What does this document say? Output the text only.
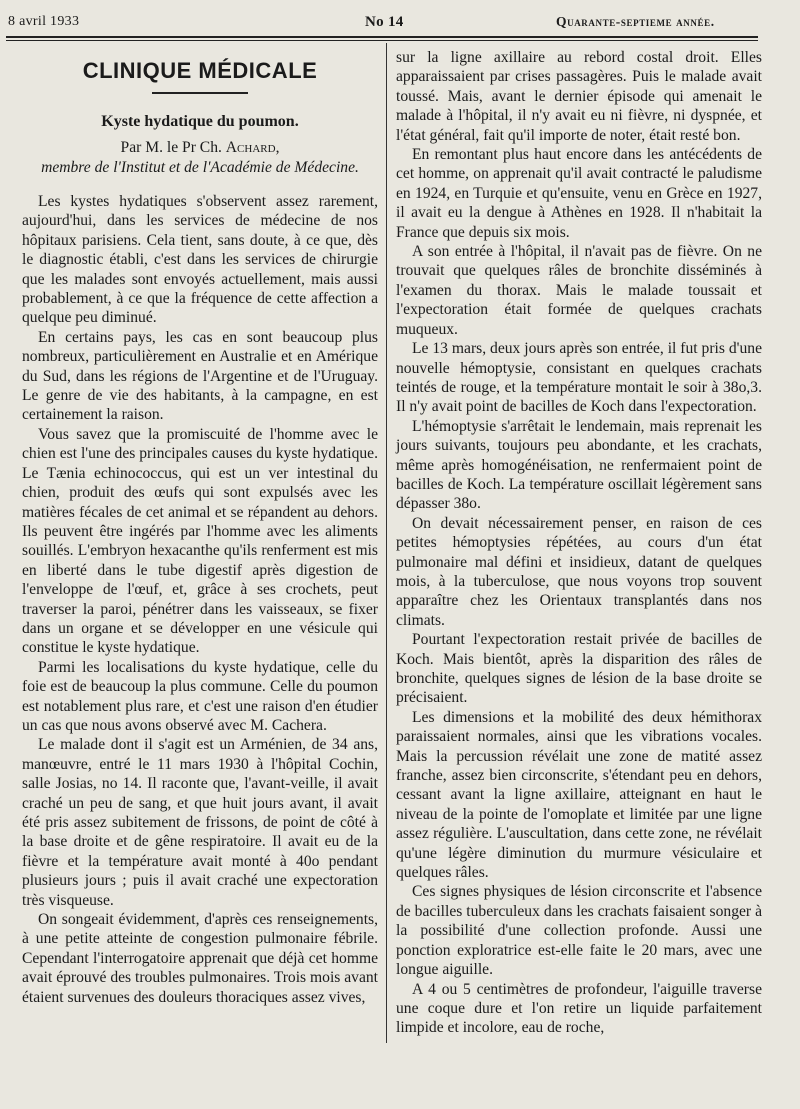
8 avril 1933	No 14	Quarante-septieme année.
CLINIQUE MÉDICALE
Kyste hydatique du poumon.
Par M. le Pr Ch. Achard,
membre de l'Institut et de l'Académie de Médecine.

Les kystes hydatiques s'observent assez rarement, aujourd'hui, dans les services de médecine de nos hôpitaux parisiens. Cela tient, sans doute, à ce que, dès le diagnostic établi, c'est dans les services de chirurgie que les malades sont envoyés actuellement, mais aussi probablement, à ce que la fréquence de cette affection a quelque peu diminué.

En certains pays, les cas en sont beaucoup plus nombreux, particulièrement en Australie et en Amérique du Sud, dans les régions de l'Argentine et de l'Uruguay. Le genre de vie des habitants, à la campagne, en est certainement la raison.

Vous savez que la promiscuité de l'homme avec le chien est l'une des principales causes du kyste hydatique. Le Tænia echinococcus, qui est un ver intestinal du chien, produit des œufs qui sont expulsés avec les matières fécales de cet animal et se répandent au dehors. Ils peuvent être ingérés par l'homme avec les aliments souillés. L'embryon hexacanthe qu'ils renferment est mis en liberté dans le tube digestif après digestion de l'enveloppe de l'œuf, et, grâce à ses crochets, peut traverser la paroi, pénétrer dans les vaisseaux, se fixer dans un organe et se développer en une vésicule qui constitue le kyste hydatique.

Parmi les localisations du kyste hydatique, celle du foie est de beaucoup la plus commune. Celle du poumon est notablement plus rare, et c'est une raison d'en étudier un cas que nous avons observé avec M. Cachera.

Le malade dont il s'agit est un Arménien, de 34 ans, manœuvre, entré le 11 mars 1930 à l'hôpital Cochin, salle Josias, no 14. Il raconte que, l'avant-veille, il avait craché un peu de sang, et que huit jours avant, il avait été pris assez subitement de frissons, de point de côté à la base droite et de gêne respiratoire. Il avait eu de la fièvre et la température avait monté à 40o pendant plusieurs jours ; puis il avait craché une expectoration très visqueuse.

On songeait évidemment, d'après ces renseignements, à une petite atteinte de congestion pulmonaire fébrile. Cependant l'interrogatoire apprenait que déjà cet homme avait éprouvé des troubles pulmonaires. Trois mois avant étaient survenues des douleurs thoraciques assez vives,

sur la ligne axillaire au rebord costal droit. Elles apparaissaient par crises passagères. Puis le malade avait toussé. Mais, avant le dernier épisode qui amenait le malade à l'hôpital, il n'y avait eu ni fièvre, ni dyspnée, et l'état général, fait qu'il importe de noter, était resté bon.

En remontant plus haut encore dans les antécédents de cet homme, on apprenait qu'il avait contracté le paludisme en 1924, en Turquie et qu'ensuite, venu en Grèce en 1927, il avait eu la dengue à Athènes en 1928. Il n'habitait la France que depuis six mois.

A son entrée à l'hôpital, il n'avait pas de fièvre. On ne trouvait que quelques râles de bronchite disséminés à l'examen du thorax. Mais le malade toussait et l'expectoration était formée de quelques crachats muqueux.

Le 13 mars, deux jours après son entrée, il fut pris d'une nouvelle hémoptysie, consistant en quelques crachats teintés de rouge, et la température montait le soir à 38o,3. Il n'y avait point de bacilles de Koch dans l'expectoration.

L'hémoptysie s'arrêtait le lendemain, mais reprenait les jours suivants, toujours peu abondante, et les crachats, même après homogénéisation, ne renfermaient point de bacilles de Koch. La température oscillait légèrement sans dépasser 38o.

On devait nécessairement penser, en raison de ces petites hémoptysies répétées, au cours d'un état pulmonaire mal défini et insidieux, datant de quelques mois, à la tuberculose, que nous voyons trop souvent apparaître chez les Orientaux transplantés dans nos climats.

Pourtant l'expectoration restait privée de bacilles de Koch. Mais bientôt, après la disparition des râles de bronchite, quelques signes de lésion de la base droite se précisaient.

Les dimensions et la mobilité des deux hémithorax paraissaient normales, ainsi que les vibrations vocales. Mais la percussion révélait une zone de matité assez franche, assez bien circonscrite, s'étendant peu en dehors, cessant avant la ligne axillaire, atteignant en haut le niveau de la pointe de l'omoplate et limitée par une ligne assez régulière. L'auscultation, dans cette zone, ne révélait qu'une légère diminution du murmure vésiculaire et quelques râles.

Ces signes physiques de lésion circonscrite et l'absence de bacilles tuberculeux dans les crachats faisaient songer à la possibilité d'une collection profonde. Aussi une ponction exploratrice est-elle faite le 20 mars, avec une longue aiguille.

A 4 ou 5 centimètres de profondeur, l'aiguille traverse une coque dure et l'on retire un liquide parfaitement limpide et incolore, eau de roche,
